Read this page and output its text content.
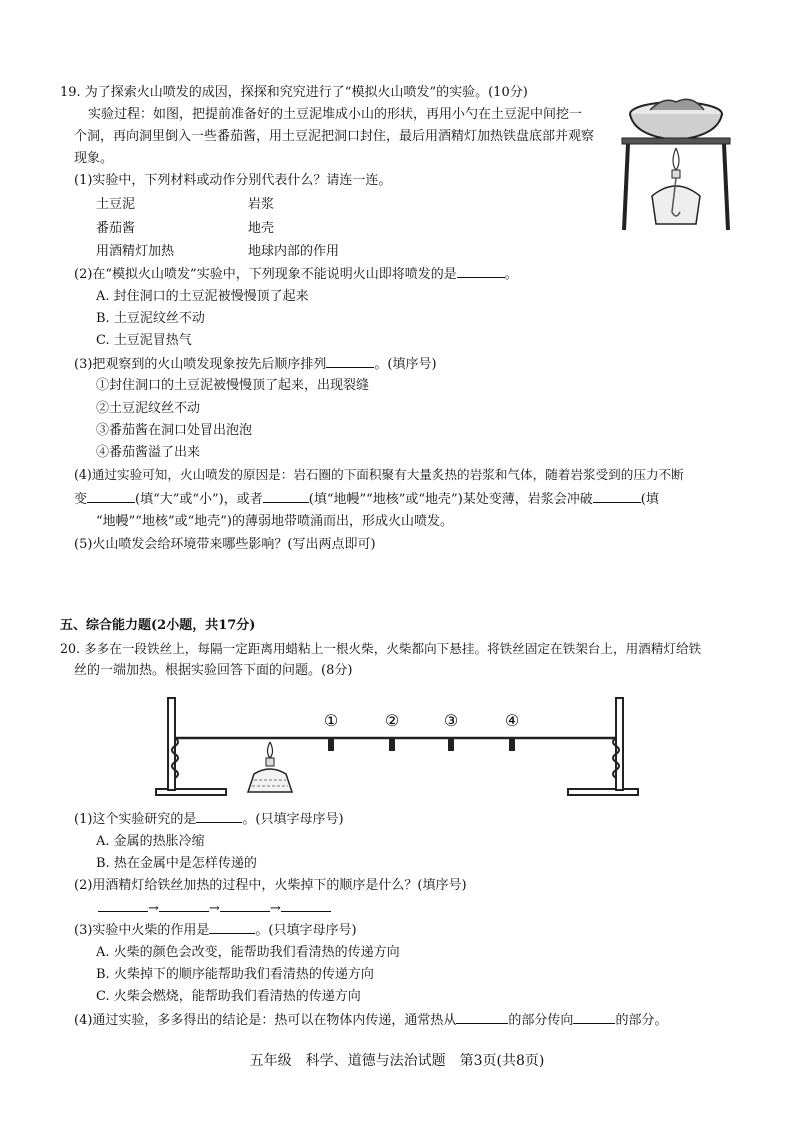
19. 为了探索火山喷发的成因，探探和究究进行了“模拟火山喷发”的实验。(10分)
实验过程：如图，把提前准备好的土豆泥堆成小山的形状，再用小勺在土豆泥中间挖一
个洞，再向洞里倒入一些番茄酱，用土豆泥把洞口封住，最后用酒精灯加热铁盘底部并观察
现象。
(1)实验中，下列材料或动作分别代表什么？请连一连。
土豆泥	岩浆
番茄酱	地壳
用酒精灯加热	地球内部的作用
(2)在“模拟火山喷发”实验中，下列现象不能说明火山即将喷发的是	。
A. 封住洞口的土豆泥被慢慢顶了起来
B. 土豆泥纹丝不动
C. 土豆泥冒热气
(3)把观察到的火山喷发现象按先后顺序排列	。(填序号)
①封住洞口的土豆泥被慢慢顶了起来，出现裂缝
②土豆泥纹丝不动
③番茄酱在洞口处冒出泡泡
④番茄酱溢了出来
(4)通过实验可知，火山喷发的原因是：岩石圈的下面积聚有大量炙热的岩浆和气体，随着岩浆受到的压力不断
变	(填“大”或“小”)，或者	(填“地幔”“地核”或“地壳”)某处变薄，岩浆会冲破	(填
“地幔”“地核”或“地壳”)的薄弱地带喷涌而出，形成火山喷发。
(5)火山喷发会给环境带来哪些影响？(写出两点即可)
五、综合能力题(2小题，共17分)
20. 多多在一段铁丝上，每隔一定距离用蜡粘上一根火柴，火柴都向下悬挂。将铁丝固定在铁架台上，用酒精灯给铁
丝的一端加热。根据实验回答下面的问题。(8分)
①	②	③	④
(1)这个实验研究的是	。(只填字母序号)
A. 金属的热胀冷缩
B. 热在金属中是怎样传递的
(2)用酒精灯给铁丝加热的过程中，火柴掉下的顺序是什么？(填序号)
→	→	→
(3)实验中火柴的作用是	。(只填字母序号)
A. 火柴的颜色会改变，能帮助我们看清热的传递方向
B. 火柴掉下的顺序能帮助我们看清热的传递方向
C. 火柴会燃烧，能帮助我们看清热的传递方向
(4)通过实验，多多得出的结论是：热可以在物体内传递，通常热从	的部分传向	的部分。
五年级　科学、道德与法治试题　第3页(共8页)
